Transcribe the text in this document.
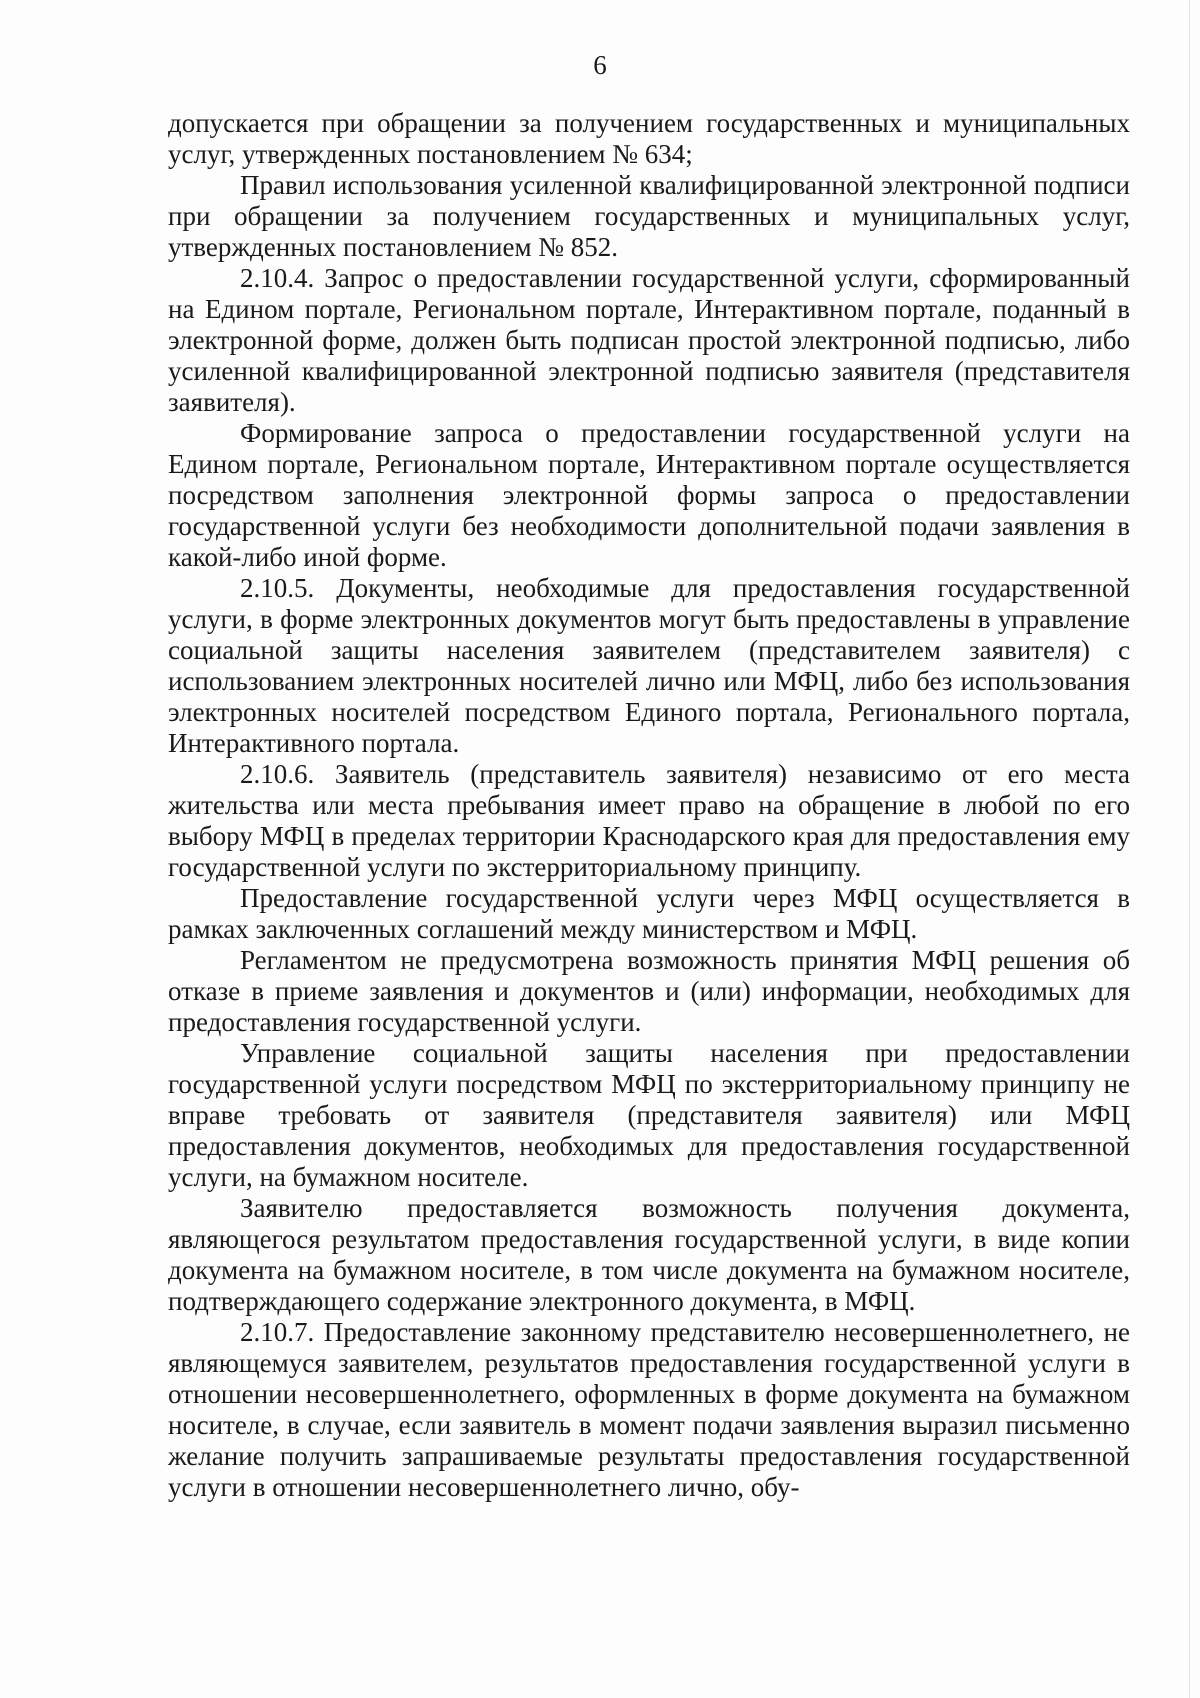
6

допускается при обращении за получением государственных и муниципальных услуг, утвержденных постановлением № 634;

Правил использования усиленной квалифицированной электронной подписи при обращении за получением государственных и муниципальных услуг, утвержденных постановлением № 852.

2.10.4. Запрос о предоставлении государственной услуги, сформированный на Едином портале, Региональном портале, Интерактивном портале, поданный в электронной форме, должен быть подписан простой электронной подписью, либо усиленной квалифицированной электронной подписью заявителя (представителя заявителя).

Формирование запроса о предоставлении государственной услуги на Едином портале, Региональном портале, Интерактивном портале осуществляется посредством заполнения электронной формы запроса о предоставлении государственной услуги без необходимости дополнительной подачи заявления в какой-либо иной форме.

2.10.5. Документы, необходимые для предоставления государственной услуги, в форме электронных документов могут быть предоставлены в управление социальной защиты населения заявителем (представителем заявителя) с использованием электронных носителей лично или МФЦ, либо без использования электронных носителей посредством Единого портала, Регионального портала, Интерактивного портала.

2.10.6. Заявитель (представитель заявителя) независимо от его места жительства или места пребывания имеет право на обращение в любой по его выбору МФЦ в пределах территории Краснодарского края для предоставления ему государственной услуги по экстерриториальному принципу.

Предоставление государственной услуги через МФЦ осуществляется в рамках заключенных соглашений между министерством и МФЦ.

Регламентом не предусмотрена возможность принятия МФЦ решения об отказе в приеме заявления и документов и (или) информации, необходимых для предоставления государственной услуги.

Управление социальной защиты населения при предоставлении государственной услуги посредством МФЦ по экстерриториальному принципу не вправе требовать от заявителя (представителя заявителя) или МФЦ предоставления документов, необходимых для предоставления государственной услуги, на бумажном носителе.

Заявителю предоставляется возможность получения документа, являющегося результатом предоставления государственной услуги, в виде копии документа на бумажном носителе, в том числе документа на бумажном носителе, подтверждающего содержание электронного документа, в МФЦ.

2.10.7. Предоставление законному представителю несовершеннолетнего, не являющемуся заявителем, результатов предоставления государственной услуги в отношении несовершеннолетнего, оформленных в форме документа на бумажном носителе, в случае, если заявитель в момент подачи заявления выразил письменно желание получить запрашиваемые результаты предоставления государственной услуги в отношении несовершеннолетнего лично, обу-
